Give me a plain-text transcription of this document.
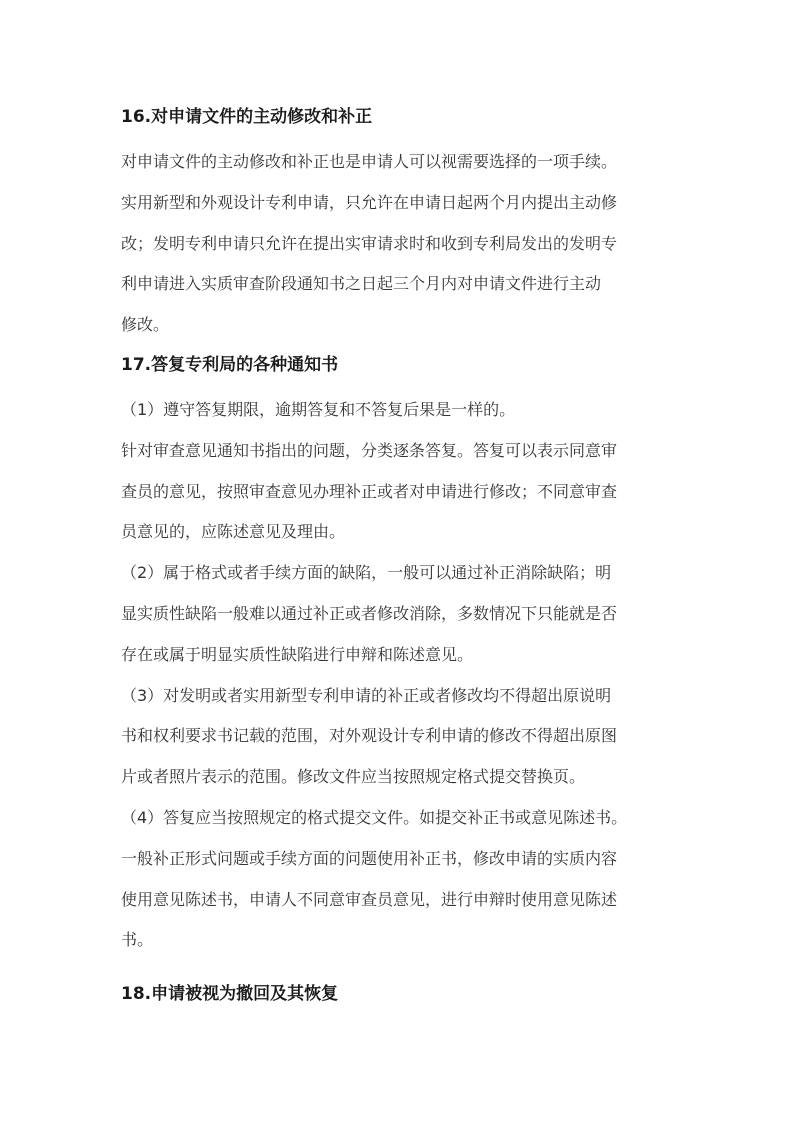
16.对申请文件的主动修改和补正

对申请文件的主动修改和补正也是申请人可以视需要选择的一项手续。
实用新型和外观设计专利申请，只允许在申请日起两个月内提出主动修
改；发明专利申请只允许在提出实审请求时和收到专利局发出的发明专
利申请进入实质审查阶段通知书之日起三个月内对申请文件进行主动
修改。

17.答复专利局的各种通知书

（1）遵守答复期限，逾期答复和不答复后果是一样的。
针对审查意见通知书指出的问题，分类逐条答复。答复可以表示同意审
查员的意见，按照审查意见办理补正或者对申请进行修改；不同意审查
员意见的，应陈述意见及理由。

（2）属于格式或者手续方面的缺陷，一般可以通过补正消除缺陷；明
显实质性缺陷一般难以通过补正或者修改消除，多数情况下只能就是否
存在或属于明显实质性缺陷进行申辩和陈述意见。

（3）对发明或者实用新型专利申请的补正或者修改均不得超出原说明
书和权利要求书记载的范围，对外观设计专利申请的修改不得超出原图
片或者照片表示的范围。修改文件应当按照规定格式提交替换页。

（4）答复应当按照规定的格式提交文件。如提交补正书或意见陈述书。
一般补正形式问题或手续方面的问题使用补正书，修改申请的实质内容
使用意见陈述书，申请人不同意审查员意见，进行申辩时使用意见陈述
书。

18.申请被视为撤回及其恢复
